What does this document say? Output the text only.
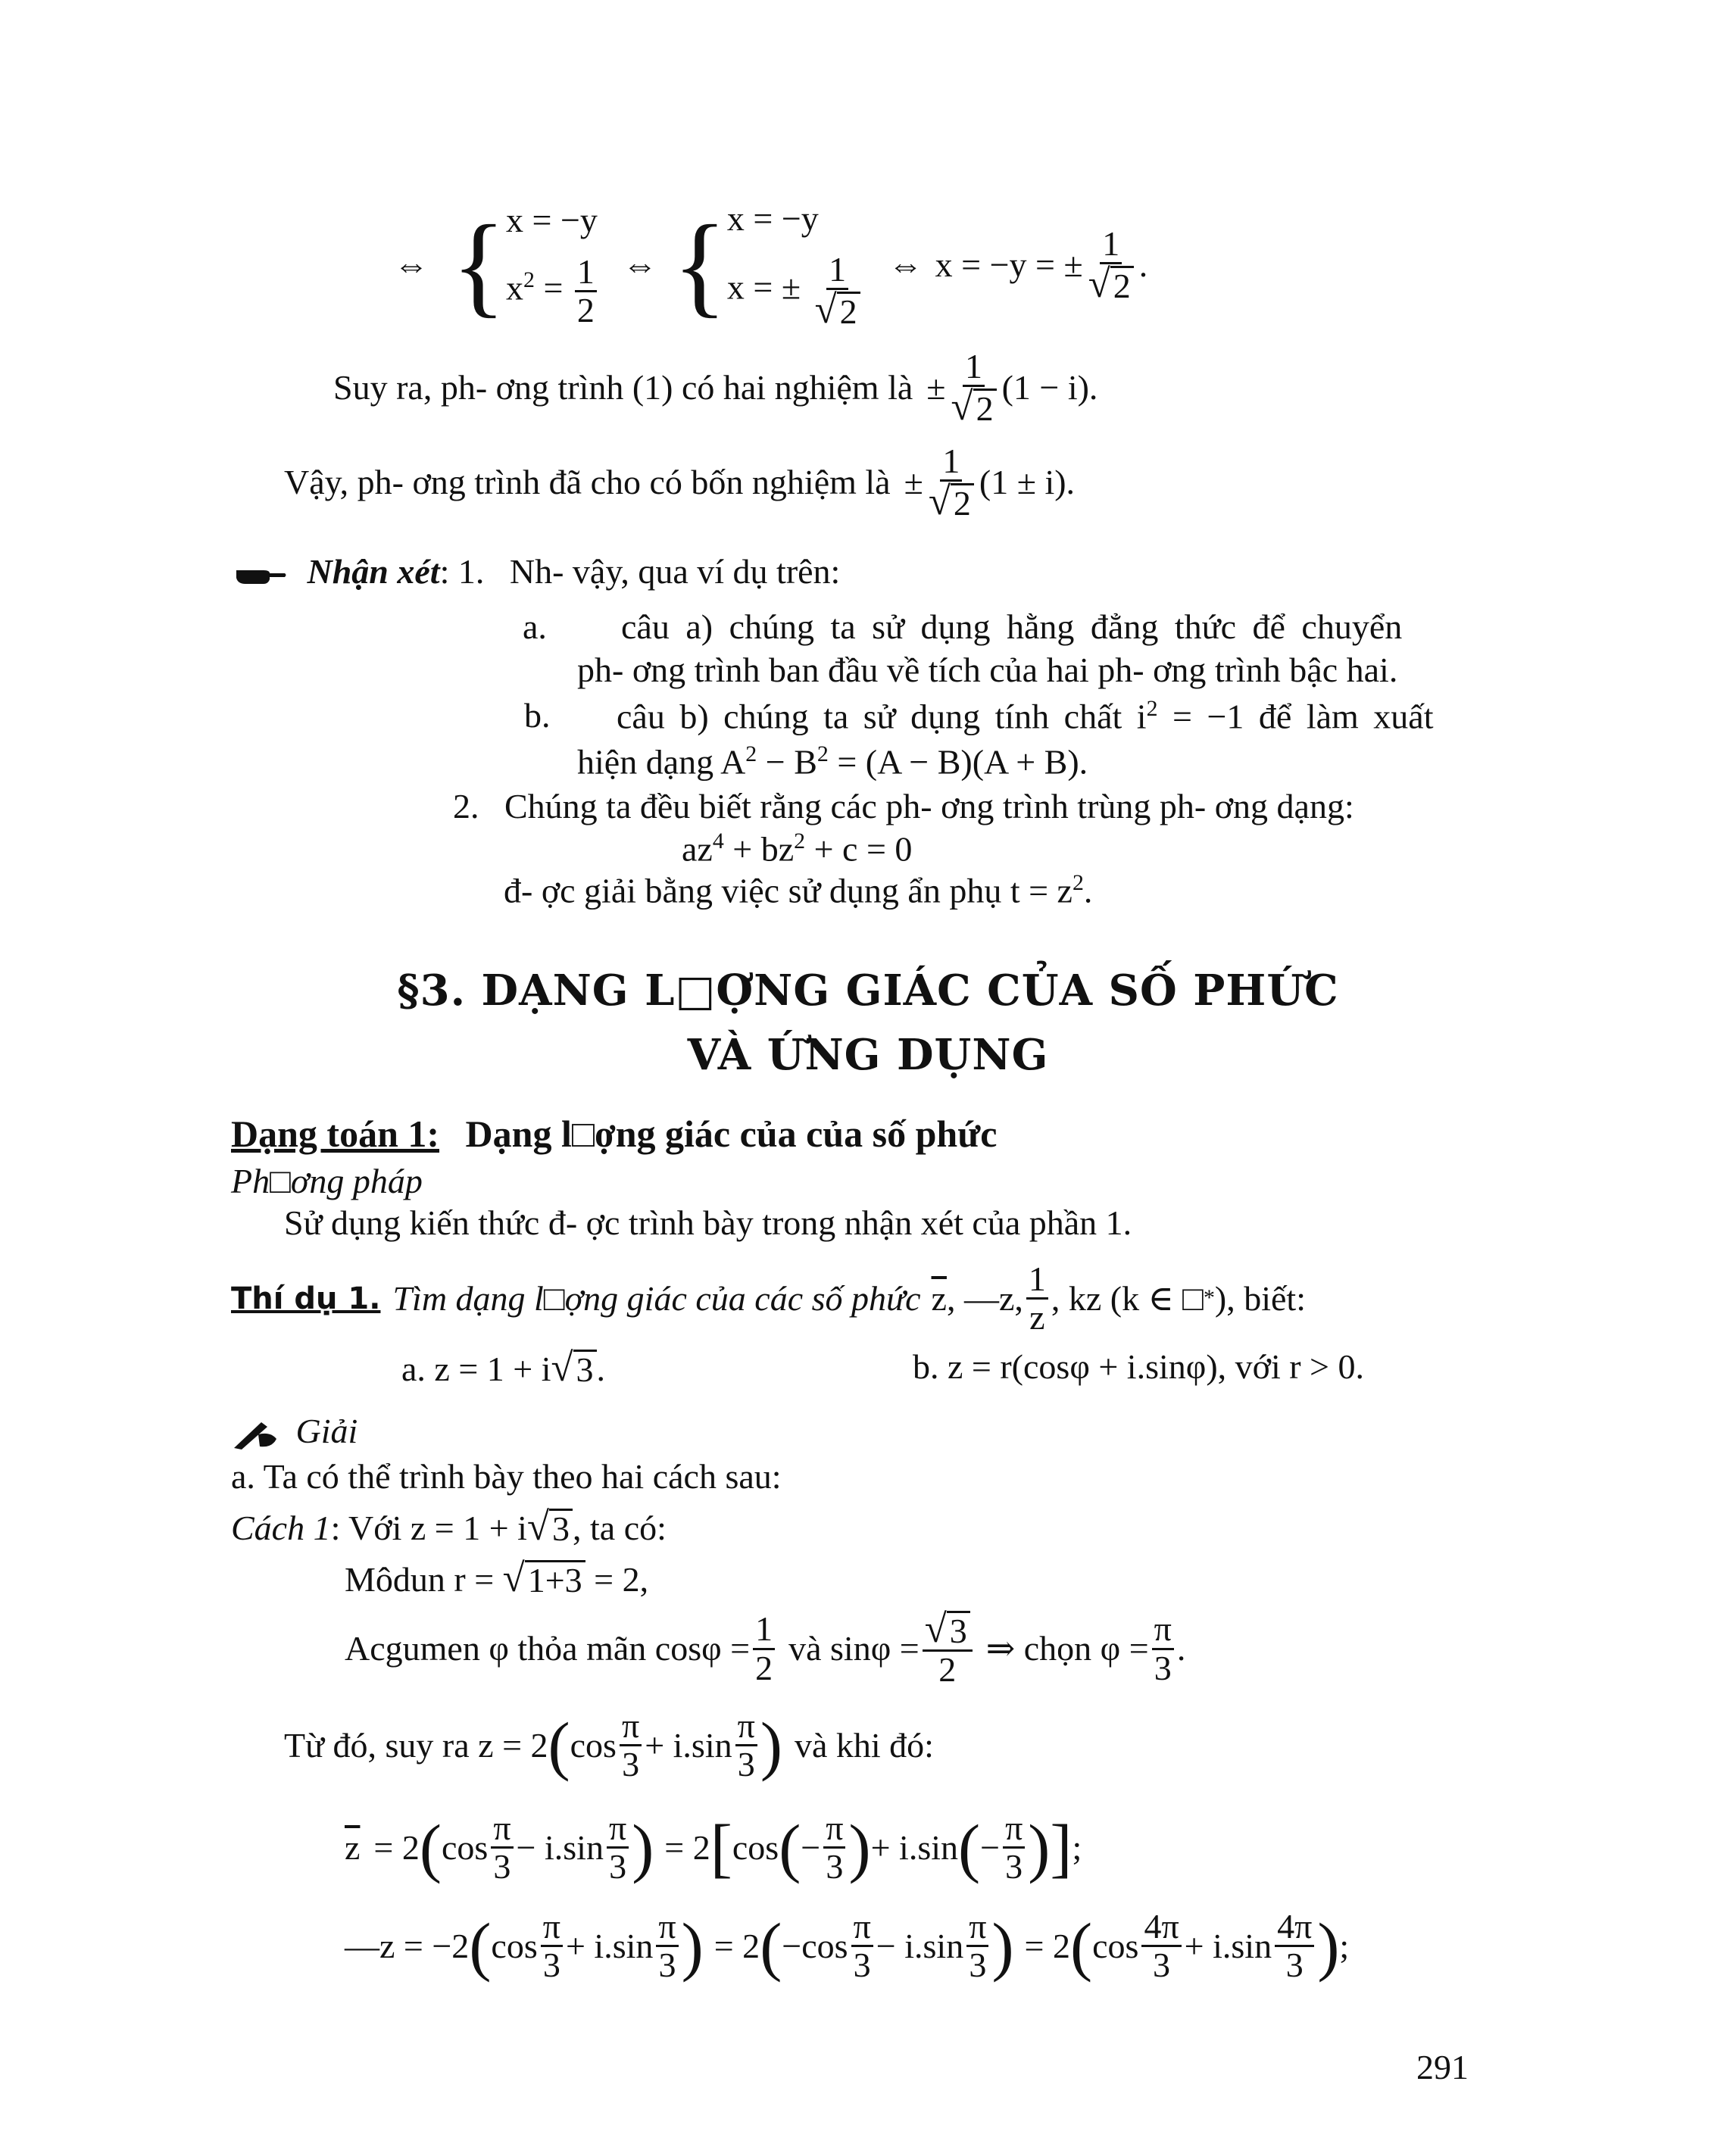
⇔ { x = −y
$x^2 = \frac{1}{2}$ ⇔ { x = −y
x = ± $\frac{1}{√ 2}$ ⇔ x = −y = ± $\frac{1}{√ 2}$ .
Suy ra, ph- ơng trình (1) có hai nghiệm là ± $\frac{1}{√ 2} (1 - i)$.
Vậy, ph- ơng trình đã cho có bốn nghiệm là ± $\frac{1}{√ 2} (1 \pm i)$.
Nhận xét: 1. Nh- vậy, qua ví dụ trên:
a. câu a) chúng ta sử dụng hằng đẳng thức để chuyển
ph- ơng trình ban đầu về tích của hai ph- ơng trình bậc hai.
b. câu b) chúng ta sử dụng tính chất $i^2 = -1$ để làm xuất
hiện dạng $A^2 - B^2 = (A - B)(A + B)$.
2. Chúng ta đều biết rằng các ph- ơng trình trùng ph- ơng dạng:
$az^4 + bz^2 + c = 0$
đ- ợc giải bằng việc sử dụng ẩn phụ $t = z^2$.
§3. DẠNG L□ỢNG GIÁC CỦA SỐ PHỨC
VÀ ỨNG DỤNG
Dạng toán 1: Dạng l□ợng giác của của số phức
Ph□ơng pháp
Sử dụng kiến thức đ- ợc trình bày trong nhận xét của phần 1.
Thí dụ 1. Tìm dạng l□ợng giác của các số phức $\overline{z}$ , —z, $\frac{1}{z}$ , kz (k ∈ □ * ), biết:
a. z = 1 + i √ 3 .	b. z = r(cosφ + i.sinφ), với r > 0.
Giải
a. Ta có thể trình bày theo hai cách sau:
Cách 1: Với z = 1 + i √ 3 , ta có:
Môdun r = √ 1+3 = 2,
Acgumen φ thỏa mãn $\cos\varphi = \frac{1}{2}$ và $\sin\varphi = \frac{√ 3}{2}$ ⇒ chọn $\varphi = \frac{\pi}{3}$ .
Từ đó, suy ra z = 2 ( $\cos \frac{\pi}{3} + i.\sin \frac{\pi}{3}$ ) và khi đó:
$\overline{z} = 2$ ( $\cos \frac{\pi}{3} - i.\sin \frac{\pi}{3}$ ) = 2 [ cos ( − $\frac{\pi}{3}$ ) + i.sin ( − $\frac{\pi}{3}$ ) ] ;
—z = −2 ( $\cos \frac{\pi}{3} + i.\sin \frac{\pi}{3}$ ) = 2 ( $-\cos \frac{\pi}{3} - i.\sin \frac{\pi}{3}$ ) = 2 ( $\cos \frac{4\pi}{3} + i.\sin \frac{4\pi}{3}$ ) ;
291
